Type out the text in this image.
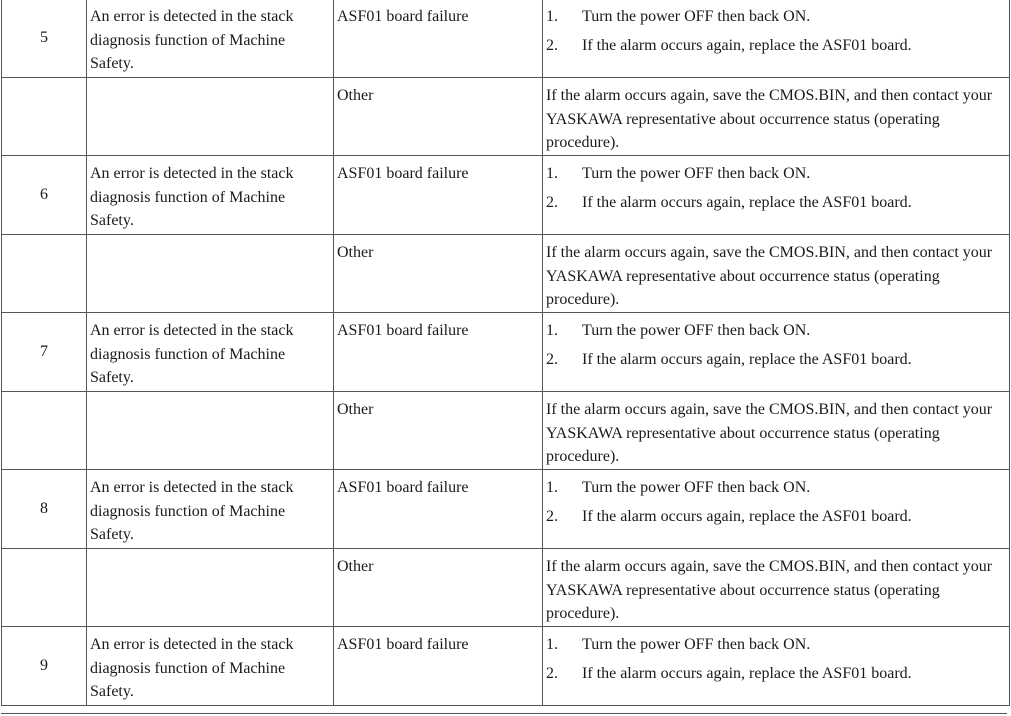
5	An error is detected in the stack diagnosis function of Machine Safety.	ASF01 board failure	1. Turn the power OFF then back ON.
2. If the alarm occurs again, replace the ASF01 board.

		Other	If the alarm occurs again, save the CMOS.BIN, and then contact your YASKAWA representative about occurrence status (operating procedure).

6	An error is detected in the stack diagnosis function of Machine Safety.	ASF01 board failure	1. Turn the power OFF then back ON.
2. If the alarm occurs again, replace the ASF01 board.

		Other	If the alarm occurs again, save the CMOS.BIN, and then contact your YASKAWA representative about occurrence status (operating procedure).

7	An error is detected in the stack diagnosis function of Machine Safety.	ASF01 board failure	1. Turn the power OFF then back ON.
2. If the alarm occurs again, replace the ASF01 board.

		Other	If the alarm occurs again, save the CMOS.BIN, and then contact your YASKAWA representative about occurrence status (operating procedure).

8	An error is detected in the stack diagnosis function of Machine Safety.	ASF01 board failure	1. Turn the power OFF then back ON.
2. If the alarm occurs again, replace the ASF01 board.

		Other	If the alarm occurs again, save the CMOS.BIN, and then contact your YASKAWA representative about occurrence status (operating procedure).

9	An error is detected in the stack diagnosis function of Machine Safety.	ASF01 board failure	1. Turn the power OFF then back ON.
2. If the alarm occurs again, replace the ASF01 board.
